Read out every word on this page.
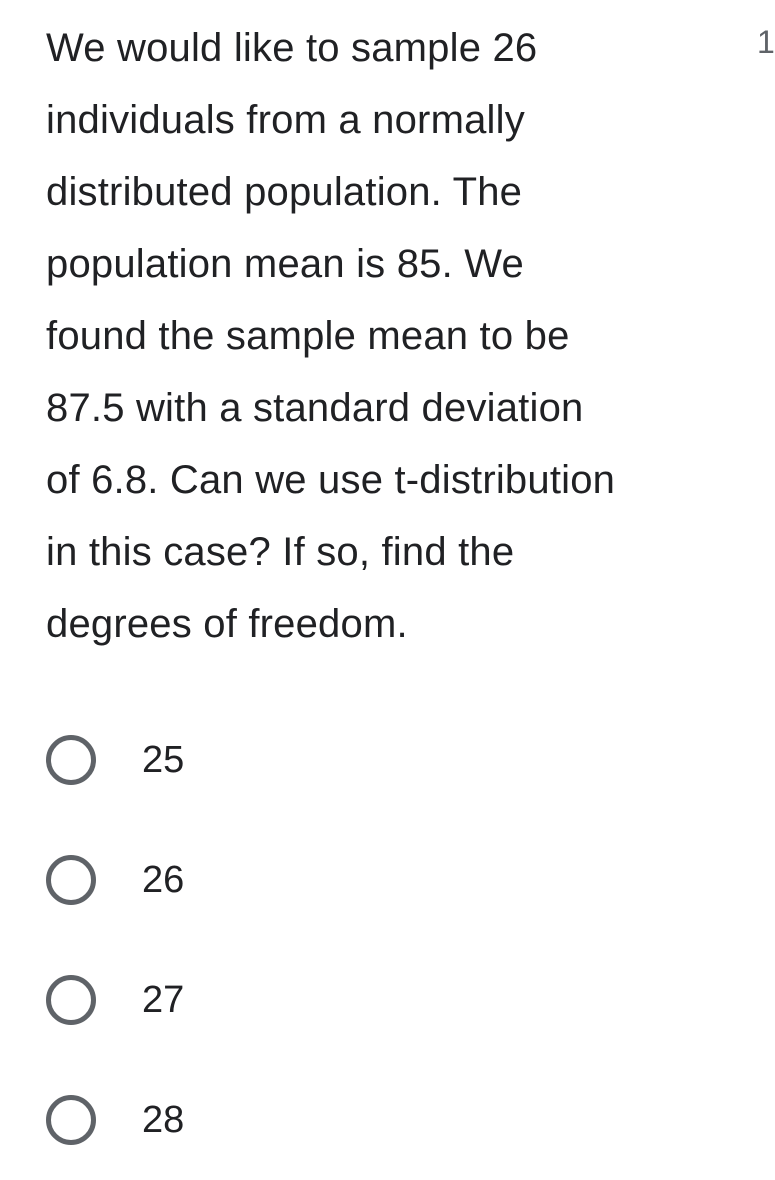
We would like to sample 26
individuals from a normally
distributed population. The
population mean is 85. We
found the sample mean to be
87.5 with a standard deviation
of 6.8. Can we use t-distribution
in this case? If so, find the
degrees of freedom.

1
25
26
27
28
